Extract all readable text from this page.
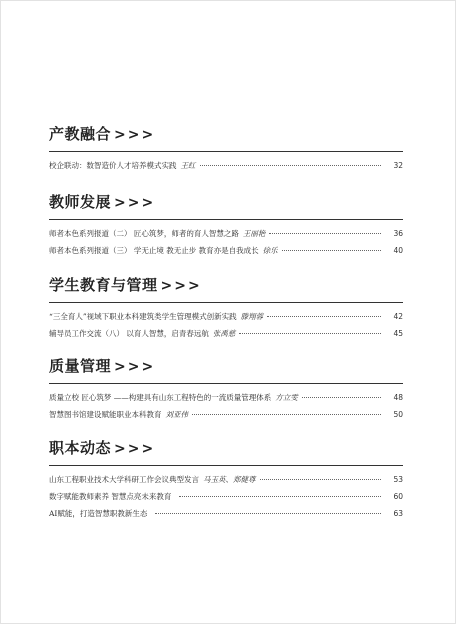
产教融合 >>>
校企联动：数智造价人才培养模式实践 王红	32
教师发展 >>>
师者本色系列报道（二） 匠心筑梦，师者的育人智慧之路 王丽艳	36
师者本色系列报道（三） 学无止境 教无止步 教育亦是自我成长 徐乐	40
学生教育与管理 >>>
“三全育人”视域下职业本科建筑类学生管理模式创新实践 滕翔蓉	42
辅导员工作交流（八） 以育人智慧，启青春远航 张禹慈	45
质量管理 >>>
质量立校 匠心筑梦 ——构建具有山东工程特色的一流质量管理体系 方立雯	48
智慧图书馆建设赋能职业本科教育 刘亚伟	50
职本动态 >>>
山东工程职业技术大学科研工作会议典型发言 马玉英、郑健尊	53
数字赋能教师素养 智慧点亮未来教育	60
AI赋能，打造智慧职教新生态	63
